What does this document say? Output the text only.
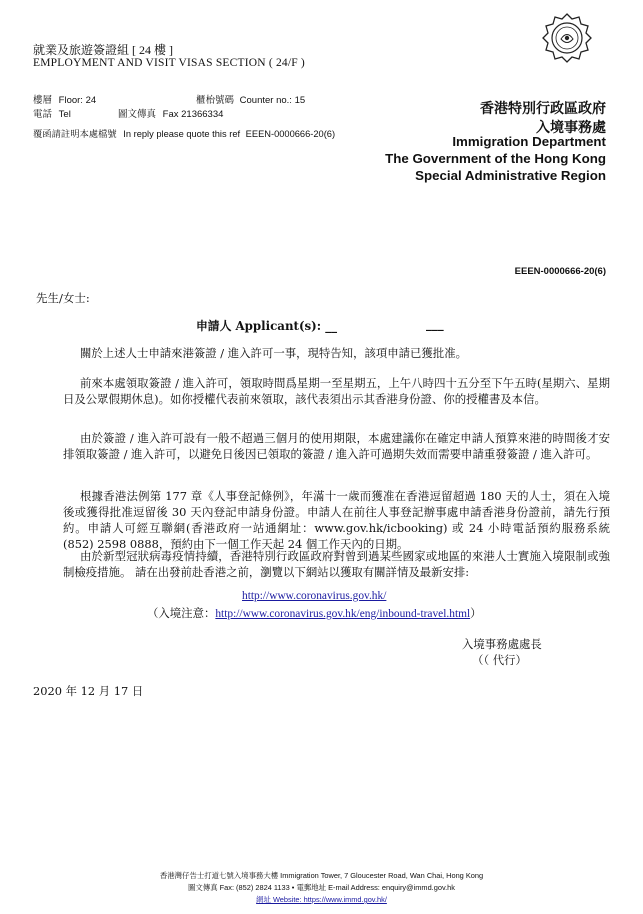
就業及旅遊簽證組 [ 24 樓 ]
EMPLOYMENT AND VISIT VISAS SECTION ( 24/F )
樓層 Floor: 24	櫃枱號碼 Counter no.: 15
電話 Tel	圖文傳真 Fax 21366334
覆函請註明本處檔號 In reply please quote this ref EEEN-0000666-20(6)
香港特別行政區政府
入境事務處
Immigration Department
The Government of the Hong Kong
Special Administrative Region
EEEN-0000666-20(6)
先生/女士:
申請人 Applicant(s): __	___
關於上述人士申請來港簽證 / 進入許可一事，現特告知，該項申請已獲批准。
前來本處領取簽證 / 進入許可，領取時間爲星期一至星期五，上午八時四十五分至下午五時(星期六、星期日及公眾假期休息)。如你授權代表前來領取，該代表須出示其香港身份證、你的授權書及本信。
由於簽證 / 進入許可設有一般不超過三個月的使用期限，本處建議你在確定申請人預算來港的時間後才安排領取簽證 / 進入許可，以避免日後因已領取的簽證 / 進入許可過期失效而需要申請重發簽證 / 進入許可。
根據香港法例第 177 章《人事登記條例》，年滿十一歲而獲准在香港逗留超過 180 天的人士，須在入境後或獲得批准逗留後 30 天內登記申請身份證。申請人在前往人事登記辦事處申請香港身份證前，請先行預約。申請人可經互聯網(香港政府一站通網址：www.gov.hk/icbooking) 或 24 小時電話預約服務系統 (852) 2598 0888，預約由下一個工作天起 24 個工作天內的日期。
由於新型冠狀病毒疫情持續，香港特別行政區政府對曾到過某些國家或地區的來港人士實施入境限制或強制檢疫措施。 請在出發前赴香港之前，瀏覽以下網站以獲取有關詳情及最新安排:
http://www.coronavirus.gov.hk/
（入境注意：http://www.coronavirus.gov.hk/eng/inbound-travel.html）
入境事務處處長
（（ 代行）
2020 年 12 月 17 日
香港灣仔告士打道七號入境事務大樓 Immigration Tower, 7 Gloucester Road, Wan Chai, Hong Kong
圖文傳真 Fax: (852) 2824 1133 • 電郵地址 E-mail Address: enquiry@immd.gov.hk
網址 Website: https://www.immd.gov.hk/
